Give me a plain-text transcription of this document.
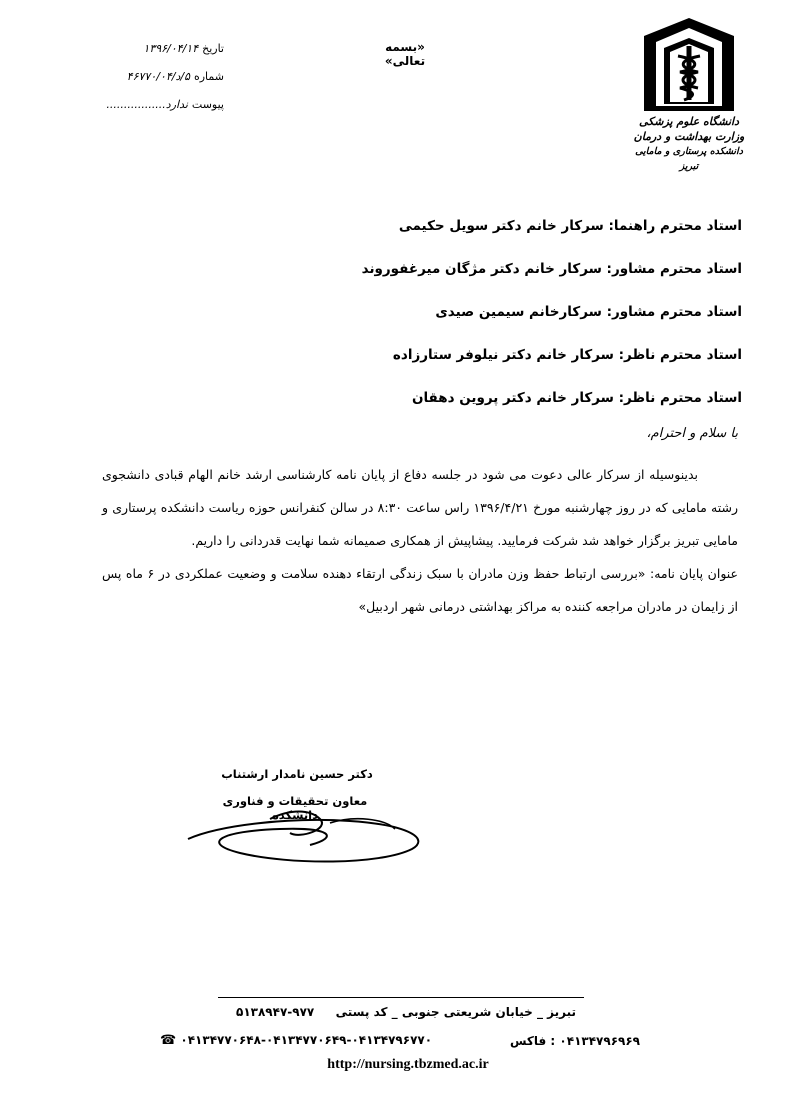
دانشگاه علوم پزشکی
وزارت بهداشت و درمان
دانشکده پرستاری و مامایی تبریز
«بسمه تعالی»
تاریخ
۱۳۹۶/۰۴/۱۴
شماره
۵/د/۴۶۷۷۰/۰۴
پیوست
ندارد.................
استاد محترم راهنما: سرکار خانم دکتر سویل حکیمی
استاد محترم مشاور: سرکار خانم دکتر مژگان میرغفوروند
استاد محترم مشاور: سرکارخانم سیمین صیدی
استاد محترم ناظر: سرکار خانم دکتر نیلوفر ستارزاده
استاد محترم ناظر: سرکار خانم دکتر پروین دهقان
با سلام و احترام،

بدینوسیله از سرکار عالی دعوت می شود در جلسه دفاع از پایان نامه کارشناسی ارشد خانم الهام قبادی دانشجوی رشته مامایی که در روز چهارشنبه مورخ ۱۳۹۶/۴/۲۱ راس ساعت ۸:۳۰ در سالن کنفرانس حوزه ریاست دانشکده پرستاری و مامایی تبریز برگزار خواهد شد شرکت فرمایید. پیشاپیش از همکاری صمیمانه شما نهایت قدردانی را داریم.

عنوان پایان نامه: «بررسی ارتباط حفظ وزن مادران با سبک زندگی ارتقاء دهنده سلامت و وضعیت عملکردی در ۶ ماه پس از زایمان در مادران مراجعه کننده به مراکز بهداشتی درمانی شهر اردبیل»

دکتر حسین نامدار ارشتناب
معاون تحقیقات و فناوری دانشکده
تبریز _ خیابان شریعتی جنوبی _ کد پستی
۵۱۳۸۹۴۷-۹۷۷
۰۴۱۳۴۷۹۶۹۶۹ : فاکس
۰۴۱۳۴۷۷۰۶۴۸-۰۴۱۳۴۷۷۰۶۴۹-۰۴۱۳۴۷۹۶۷۷۰ ☎
http://nursing.tbzmed.ac.ir
